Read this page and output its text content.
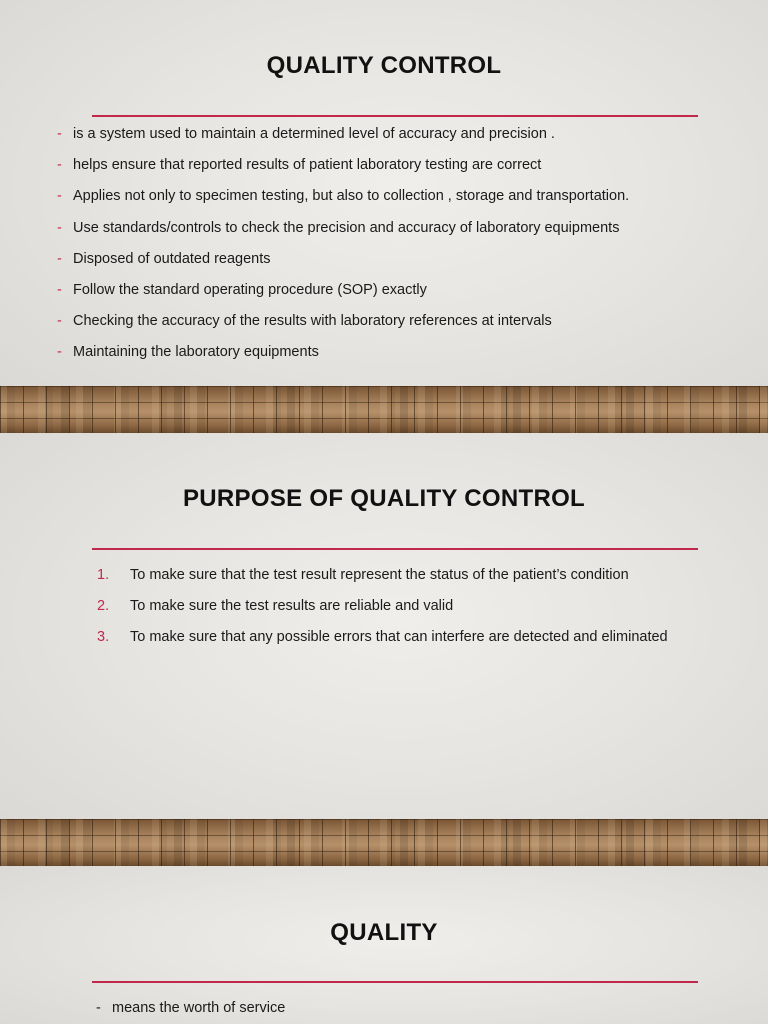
QUALITY CONTROL
- is a system used to maintain a determined level of accuracy and precision .
- helps ensure that reported results of patient laboratory testing are correct
- Applies not only to specimen testing, but also to collection , storage and transportation.
- Use standards/controls to check the precision and accuracy of laboratory equipments
- Disposed of outdated reagents
- Follow the standard operating procedure (SOP) exactly
- Checking the accuracy of the results with laboratory references at intervals
- Maintaining the laboratory equipments
PURPOSE OF QUALITY CONTROL
1. To make sure that the test result represent the status of the patient’s condition
2. To make sure the test results are reliable and valid
3. To make sure that any possible errors that can interfere are detected and eliminated
QUALITY
- means the worth of service
